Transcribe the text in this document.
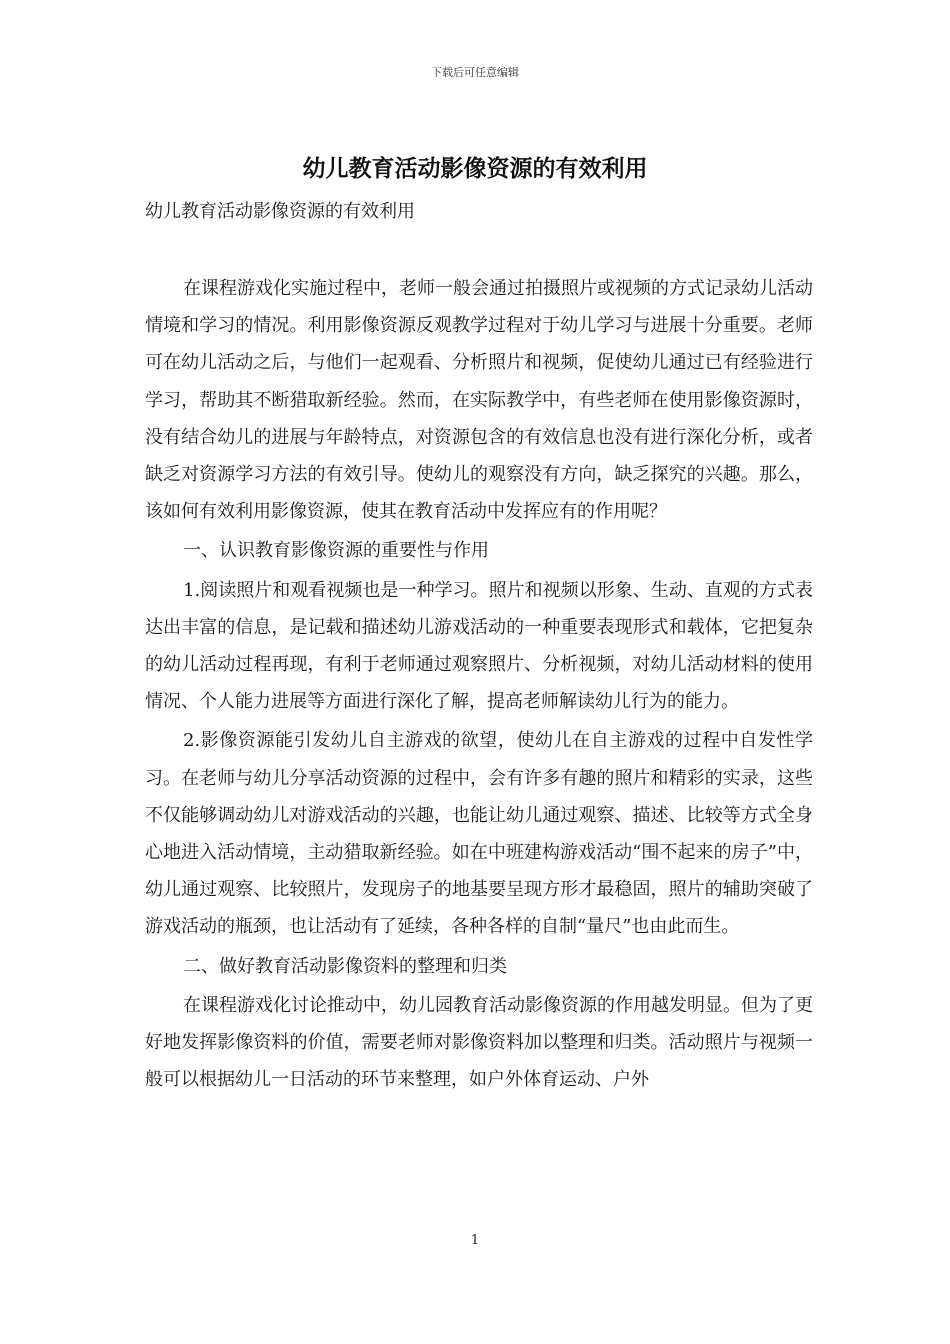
下载后可任意编辑
幼儿教育活动影像资源的有效利用
幼儿教育活动影像资源的有效利用

在课程游戏化实施过程中，老师一般会通过拍摄照片或视频的方式记录幼儿活动情境和学习的情况。利用影像资源反观教学过程对于幼儿学习与进展十分重要。老师可在幼儿活动之后，与他们一起观看、分析照片和视频，促使幼儿通过已有经验进行学习，帮助其不断猎取新经验。然而，在实际教学中，有些老师在使用影像资源时，没有结合幼儿的进展与年龄特点，对资源包含的有效信息也没有进行深化分析，或者缺乏对资源学习方法的有效引导。使幼儿的观察没有方向，缺乏探究的兴趣。那么，该如何有效利用影像资源，使其在教育活动中发挥应有的作用呢？

一、认识教育影像资源的重要性与作用

1.阅读照片和观看视频也是一种学习。照片和视频以形象、生动、直观的方式表达出丰富的信息，是记载和描述幼儿游戏活动的一种重要表现形式和载体，它把复杂的幼儿活动过程再现，有利于老师通过观察照片、分析视频，对幼儿活动材料的使用情况、个人能力进展等方面进行深化了解，提高老师解读幼儿行为的能力。

2.影像资源能引发幼儿自主游戏的欲望，使幼儿在自主游戏的过程中自发性学习。在老师与幼儿分享活动资源的过程中，会有许多有趣的照片和精彩的实录，这些不仅能够调动幼儿对游戏活动的兴趣，也能让幼儿通过观察、描述、比较等方式全身心地进入活动情境，主动猎取新经验。如在中班建构游戏活动“围不起来的房子”中，幼儿通过观察、比较照片，发现房子的地基要呈现方形才最稳固，照片的辅助突破了游戏活动的瓶颈，也让活动有了延续，各种各样的自制“量尺”也由此而生。

二、做好教育活动影像资料的整理和归类

在课程游戏化讨论推动中，幼儿园教育活动影像资源的作用越发明显。但为了更好地发挥影像资料的价值，需要老师对影像资料加以整理和归类。活动照片与视频一般可以根据幼儿一日活动的环节来整理，如户外体育运动、户外

1
